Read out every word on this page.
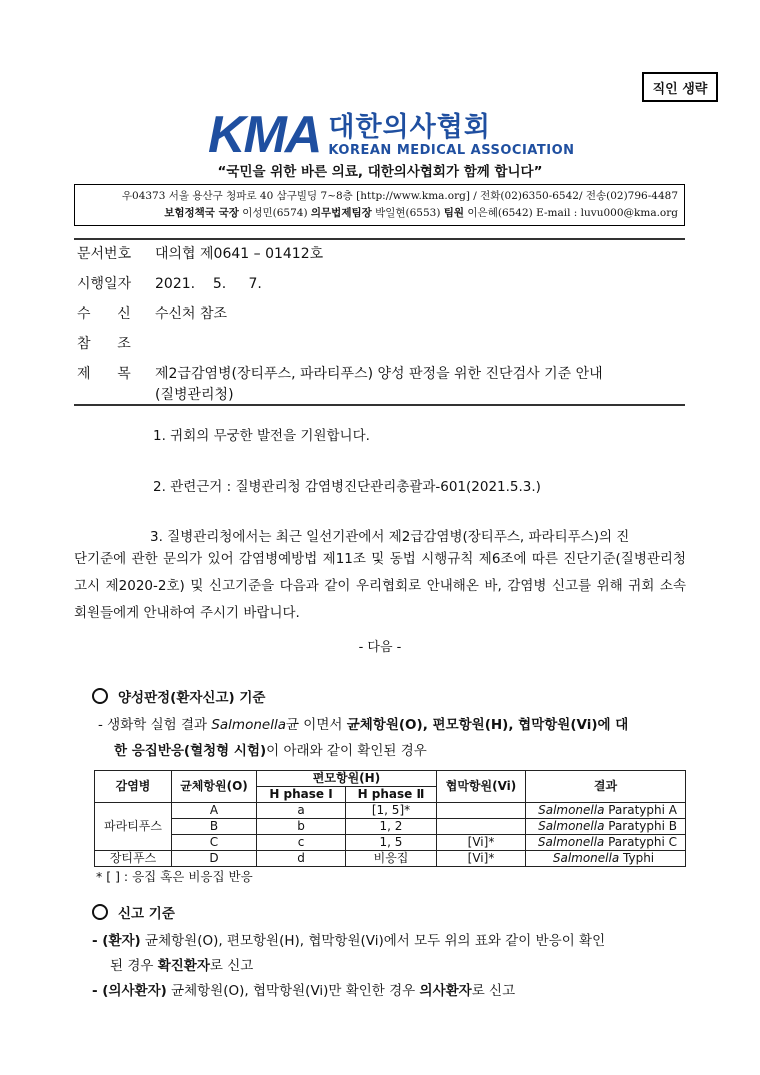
직인 생략
KMA 대한의사협회
KOREAN MEDICAL ASSOCIATION
“국민을 위한 바른 의료, 대한의사협회가 함께 합니다”
우04373 서울 용산구 청파로 40 삼구빌딩 7~8층 [http://www.kma.org] / 전화(02)6350-6542/ 전송(02)796-4487
보험정책국 국장 이성민(6574) 의무법제팀장 박일현(6553) 팀원 이은혜(6542) E-mail : luvu000@kma.org
문서번호 대의협 제0641 – 01412호
시행일자 2021.    5.     7.
수      신 수신처 참조
참      조
제      목 제2급감염병(장티푸스, 파라티푸스) 양성 판정을 위한 진단검사 기준 안내
(질병관리청)
1. 귀회의 무궁한 발전을 기원합니다.
2. 관련근거 : 질병관리청 감염병진단관리총괄과-601(2021.5.3.)
3. 질병관리청에서는 최근 일선기관에서 제2급감염병(장티푸스, 파라티푸스)의 진
단기준에 관한 문의가 있어 감염병예방법 제11조 및 동법 시행규칙 제6조에 따른 진단기준(질병관리청 고시 제2020-2호) 및 신고기준을 다음과 같이 우리협회로 안내해온 바, 감염병 신고를 위해 귀회 소속 회원들에게 안내하여 주시기 바랍니다.
- 다음 -
양성판정(환자신고) 기준
- 생화학 실험 결과 Salmonella균 이면서 균체항원(O), 편모항원(H), 협막항원(Vi)에 대
한 응집반응(혈청형 시험)이 아래와 같이 확인된 경우
감염병	균체항원(O)	편모항원(H)		협막항원(Vi)	결과
		H phase Ⅰ	H phase Ⅱ		
파라티푸스	A	a	[1, 5]*		Salmonella Paratyphi A
	B	b	1, 2		Salmonella Paratyphi B
	C	c	1, 5	[Vi]*	Salmonella Paratyphi C
장티푸스	D	d	비응집	[Vi]*	Salmonella Typhi
* [ ] : 응집 혹은 비응집 반응
신고 기준
- (환자) 균체항원(O), 편모항원(H), 협막항원(Vi)에서 모두 위의 표와 같이 반응이 확인
된 경우 확진환자로 신고
- (의사환자) 균체항원(O), 협막항원(Vi)만 확인한 경우 의사환자로 신고
